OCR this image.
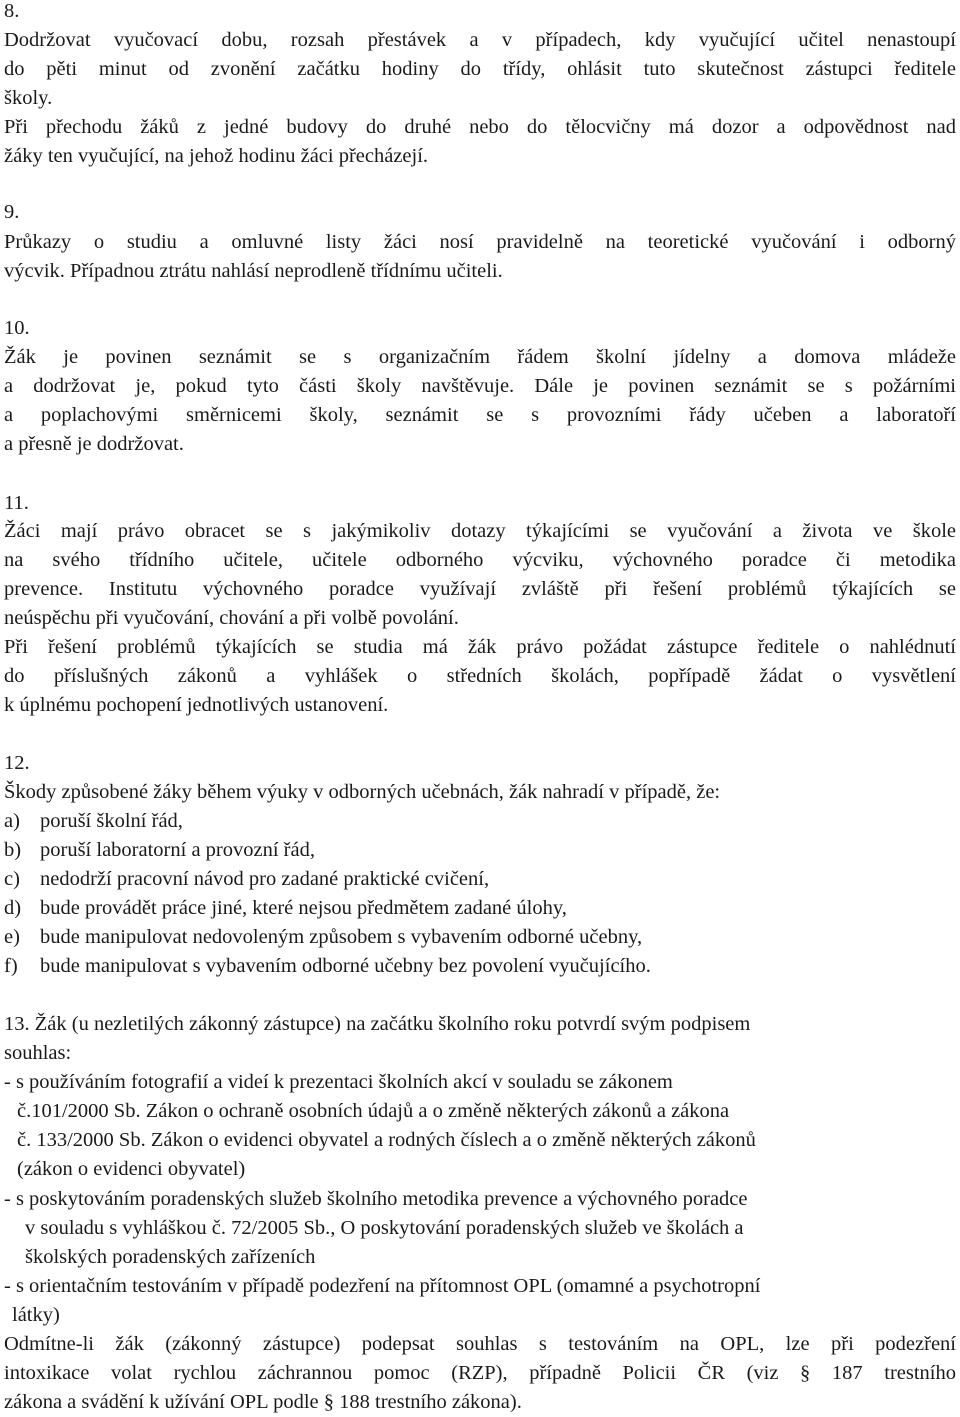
8.
Dodržovat vyučovací dobu, rozsah přestávek a v případech, kdy vyučující učitel nenastoupí
do pěti minut od zvonění začátku hodiny do třídy, ohlásit tuto skutečnost zástupci ředitele
školy.
Při přechodu žáků z jedné budovy do druhé nebo do tělocvičny má dozor a odpovědnost nad
žáky ten vyučující, na jehož hodinu žáci přecházejí.
9.
Průkazy o studiu a omluvné listy žáci nosí pravidelně na teoretické vyučování i odborný
výcvik. Případnou ztrátu nahlásí neprodleně třídnímu učiteli.
10.
Žák je povinen seznámit se s organizačním řádem školní jídelny a domova mládeže
a dodržovat je, pokud tyto části školy navštěvuje. Dále je povinen seznámit se s požárními
a poplachovými směrnicemi školy, seznámit se s provozními řády učeben a laboratoří
a přesně je dodržovat.
11.
Žáci mají právo obracet se s jakýmikoliv dotazy týkajícími se vyučování a života ve škole
na svého třídního učitele, učitele odborného výcviku, výchovného poradce či metodika
prevence. Institutu výchovného poradce využívají zvláště při řešení problémů týkajících se
neúspěchu při vyučování, chování a při volbě povolání.
Při řešení problémů týkajících se studia má žák právo požádat zástupce ředitele o nahlédnutí
do příslušných zákonů a vyhlášek o středních školách, popřípadě žádat o vysvětlení
k úplnému pochopení jednotlivých ustanovení.
12.
Škody způsobené žáky během výuky v odborných učebnách, žák nahradí v případě, že:
a) poruší školní řád,
b) poruší laboratorní a provozní řád,
c) nedodrží pracovní návod pro zadané praktické cvičení,
d) bude provádět práce jiné, které nejsou předmětem zadané úlohy,
e) bude manipulovat nedovoleným způsobem s vybavením odborné učebny,
f) bude manipulovat s vybavením odborné učebny bez povolení vyučujícího.
13. Žák (u nezletilých zákonný zástupce) na začátku školního roku potvrdí svým podpisem
souhlas:
- s používáním fotografií a videí k prezentaci školních akcí v souladu se zákonem
č.101/2000 Sb. Zákon o ochraně osobních údajů a o změně některých zákonů a zákona
č. 133/2000 Sb. Zákon o evidenci obyvatel a rodných číslech a o změně některých zákonů
(zákon o evidenci obyvatel)
- s poskytováním poradenských služeb školního metodika prevence a výchovného poradce
v souladu s vyhláškou č. 72/2005 Sb., O poskytování poradenských služeb ve školách a
školských poradenských zařízeních
- s orientačním testováním v případě podezření na přítomnost OPL (omamné a psychotropní
látky)
Odmítne-li žák (zákonný zástupce) podepsat souhlas s testováním na OPL, lze při podezření
intoxikace volat rychlou záchrannou pomoc (RZP), případně Policii ČR (viz § 187 trestního
zákona a svádění k užívání OPL podle § 188 trestního zákona).
